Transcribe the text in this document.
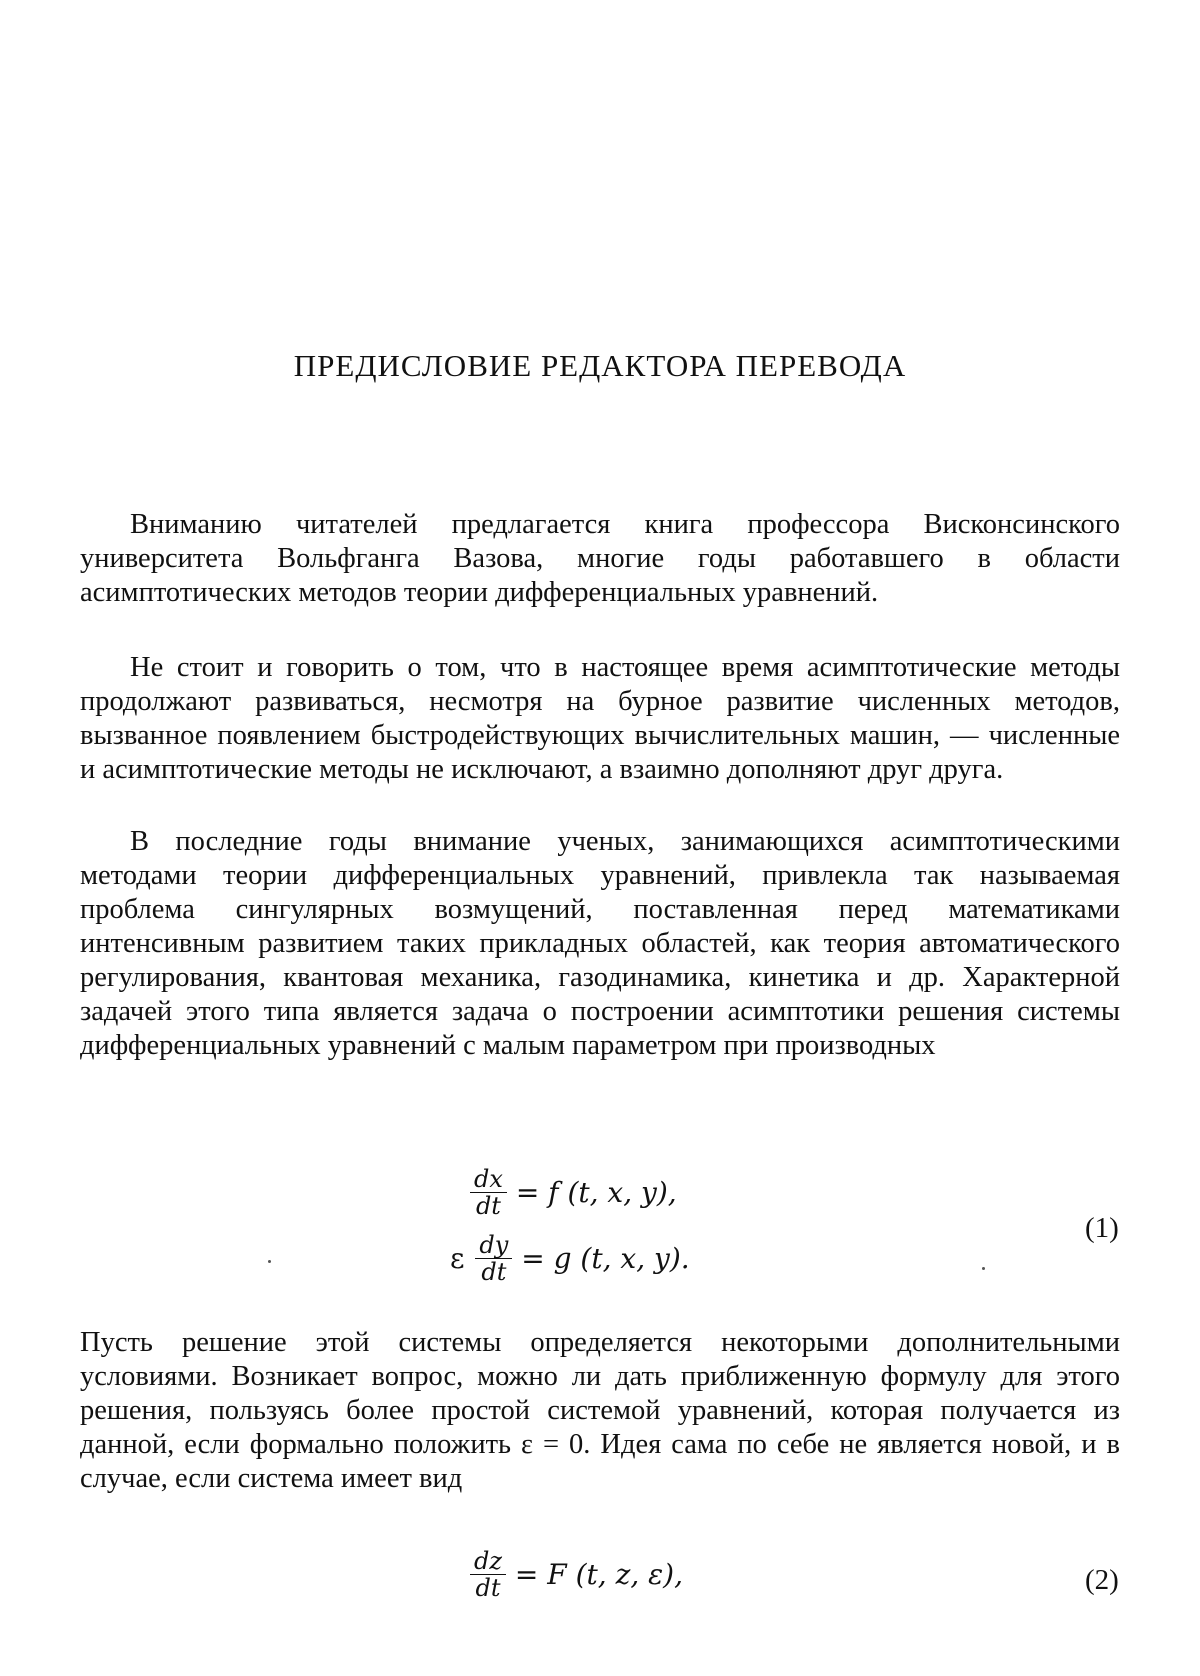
ПРЕДИСЛОВИЕ РЕДАКТОРА ПЕРЕВОДА

Вниманию читателей предлагается книга профессора Висконсинского университета Вольфганга Вазова, многие годы работавшего в области асимптотических методов теории дифференциальных уравнений.

Не стоит и говорить о том, что в настоящее время асимптотические методы продолжают развиваться, несмотря на бурное развитие численных методов, вызванное появлением быстродействующих вычислительных машин, — численные и асимптотические методы не исключают, а взаимно дополняют друг друга.

В последние годы внимание ученых, занимающихся асимптотическими методами теории дифференциальных уравнений, привлекла так называемая проблема сингулярных возмущений, поставленная перед математиками интенсивным развитием таких прикладных областей, как теория автоматического регулирования, квантовая механика, газодинамика, кинетика и др. Характерной задачей этого типа является задача о построении асимптотики решения системы дифференциальных уравнений с малым параметром при производных

$\frac{dx}{dt} = f$ (t, x, y),
ε $\frac{dy}{dt} = g$ (t, x, y).
(1)

Пусть решение этой системы определяется некоторыми дополнительными условиями. Возникает вопрос, можно ли дать приближенную формулу для этого решения, пользуясь более простой системой уравнений, которая получается из данной, если формально положить ε = 0. Идея сама по себе не является новой, и в случае, если система имеет вид

$\frac{dz}{dt} = F$ (t, z, ε),	(2)
